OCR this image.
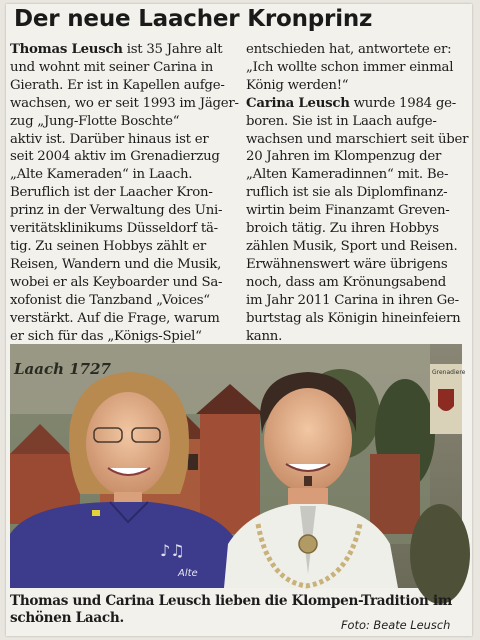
Der neue Laacher Kronprinz
Thomas Leusch ist 35 Jahre alt
und wohnt mit seiner Carina in
Gierath. Er ist in Kapellen aufge-
wachsen, wo er seit 1993 im Jäger-
zug „Jung-Flotte Boschte“
aktiv ist. Darüber hinaus ist er
seit 2004 aktiv im Grenadierzug
„Alte Kameraden“ in Laach.
Beruflich ist der Laacher Kron-
prinz in der Verwaltung des Uni-
veritätsklinikums Düsseldorf tä-
tig. Zu seinen Hobbys zählt er
Reisen, Wandern und die Musik,
wobei er als Keyboarder und Sa-
xofonist die Tanzband „Voices“
verstärkt. Auf die Frage, warum
er sich für das „Königs-Spiel“
entschieden hat, antwortete er:
„Ich wollte schon immer einmal
König werden!“
Carina Leusch wurde 1984 ge-
boren. Sie ist in Laach aufge-
wachsen und marschiert seit über
20 Jahren im Klompenzug der
„Alten Kameradinnen“ mit. Be-
ruflich ist sie als Diplomfinanz-
wirtin beim Finanzamt Greven-
broich tätig. Zu ihren Hobbys
zählen Musik, Sport und Reisen.
Erwähnenswert wäre übrigens
noch, dass am Krönungsabend
im Jahr 2011 Carina in ihren Ge-
burtstag als Königin hineinfeiern
kann.
Laach 1727	Grenadiere
♪♫
Alte
Thomas und Carina Leusch lieben die Klompen-Tradition im
schönen Laach.	Foto: Beate Leusch
